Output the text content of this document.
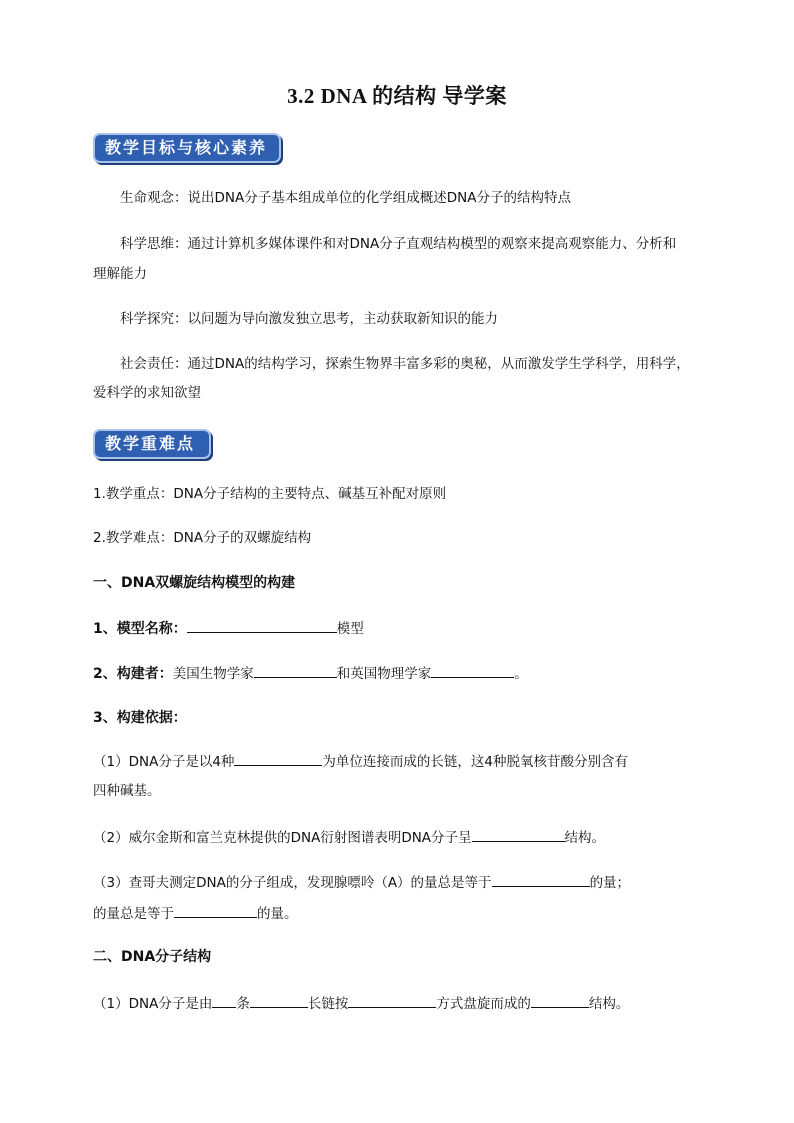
3.2 DNA 的结构 导学案
教学目标与核心素养
生命观念：说出DNA分子基本组成单位的化学组成概述DNA分子的结构特点
科学思维：通过计算机多媒体课件和对DNA分子直观结构模型的观察来提高观察能力、分析和
理解能力
科学探究：以问题为导向激发独立思考，主动获取新知识的能力
社会责任：通过DNA的结构学习，探索生物界丰富多彩的奥秘，从而激发学生学科学，用科学，
爱科学的求知欲望
教学重难点
1.教学重点：DNA分子结构的主要特点、碱基互补配对原则
2.教学难点：DNA分子的双螺旋结构
一、DNA双螺旋结构模型的构建
1、模型名称：	模型
2、构建者：美国生物学家	和英国物理学家	。
3、构建依据：
（1）DNA分子是以4种	为单位连接而成的长链，这4种脱氧核苷酸分别含有
四种碱基。
（2）威尔金斯和富兰克林提供的DNA衍射图谱表明DNA分子呈	结构。
（3）查哥夫测定DNA的分子组成，发现腺嘌呤（A）的量总是等于	的量；
的量总是等于	的量。
二、DNA分子结构
（1）DNA分子是由 条	长链按	方式盘旋而成的	结构。
